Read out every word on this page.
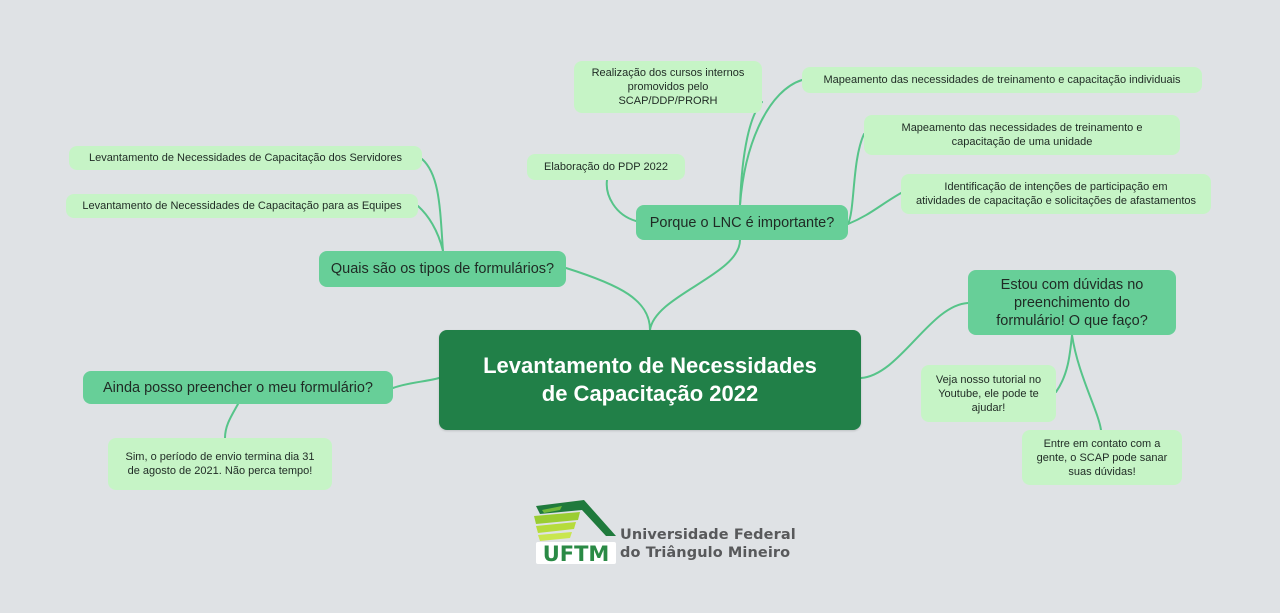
Levantamento de Necessidades de Capacitação 2022
Quais são os tipos de formulários?
Levantamento de Necessidades de Capacitação dos Servidores
Levantamento de Necessidades de Capacitação para as Equipes
Porque o LNC é importante?
Realização dos cursos internos
promovidos pelo
SCAP/DDP/PRORH
Elaboração do PDP 2022
Mapeamento das necessidades de treinamento e capacitação individuais
Mapeamento das necessidades de treinamento e
capacitação de uma unidade
Identificação de intenções de participação em
atividades de capacitação e solicitações de afastamentos
Estou com dúvidas no
preenchimento do
formulário! O que faço?
Veja nosso tutorial no
Youtube, ele pode te
ajudar!
Entre em contato com a
gente, o SCAP pode sanar
suas dúvidas!
Ainda posso preencher o meu formulário?
Sim, o período de envio termina dia 31
de agosto de 2021. Não perca tempo!
UFTM
Universidade Federal
do Triângulo Mineiro
